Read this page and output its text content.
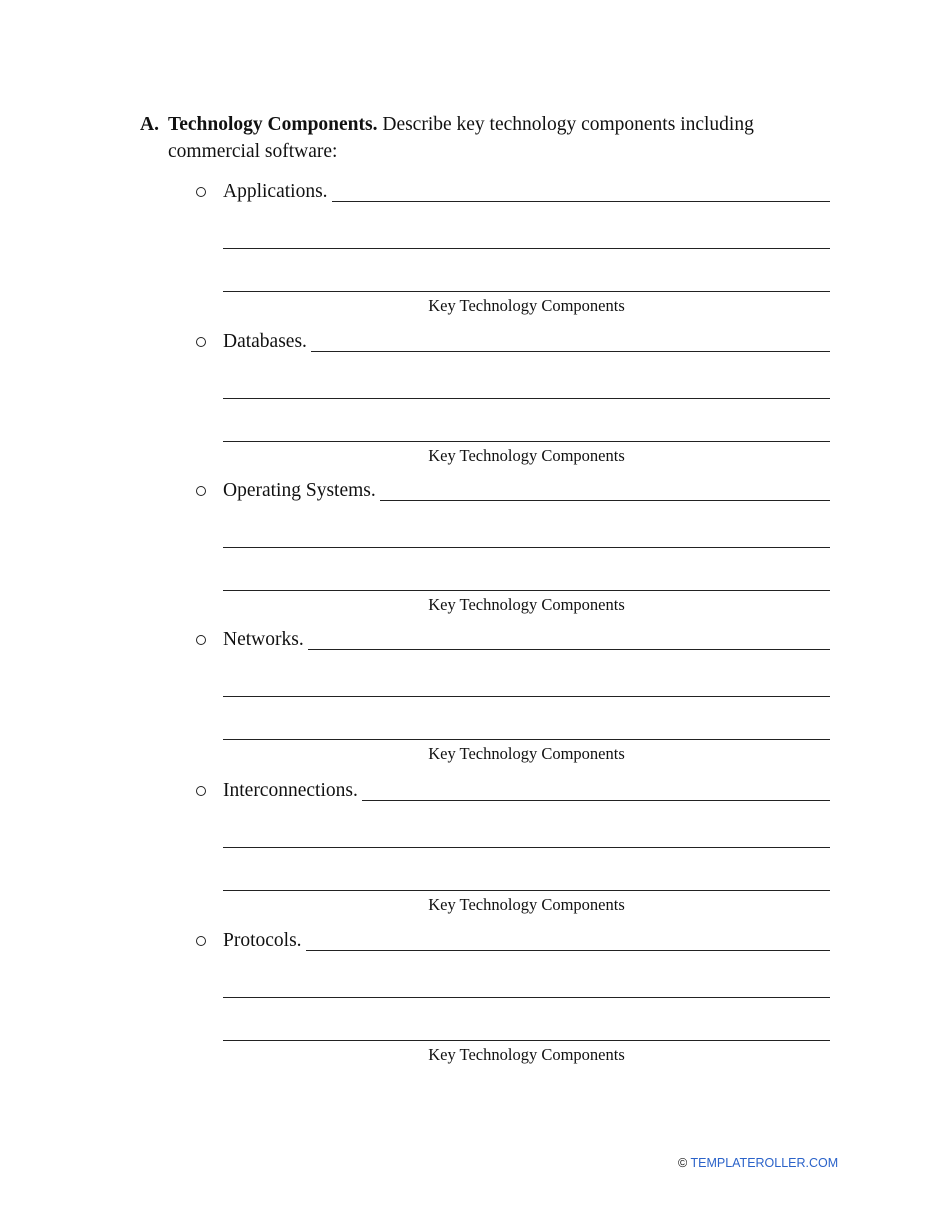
A. Technology Components. Describe key technology components including commercial software:
Applications.
Key Technology Components
Databases.
Key Technology Components
Operating Systems.
Key Technology Components
Networks.
Key Technology Components
Interconnections.
Key Technology Components
Protocols.
Key Technology Components
© TEMPLATEROLLER.COM
